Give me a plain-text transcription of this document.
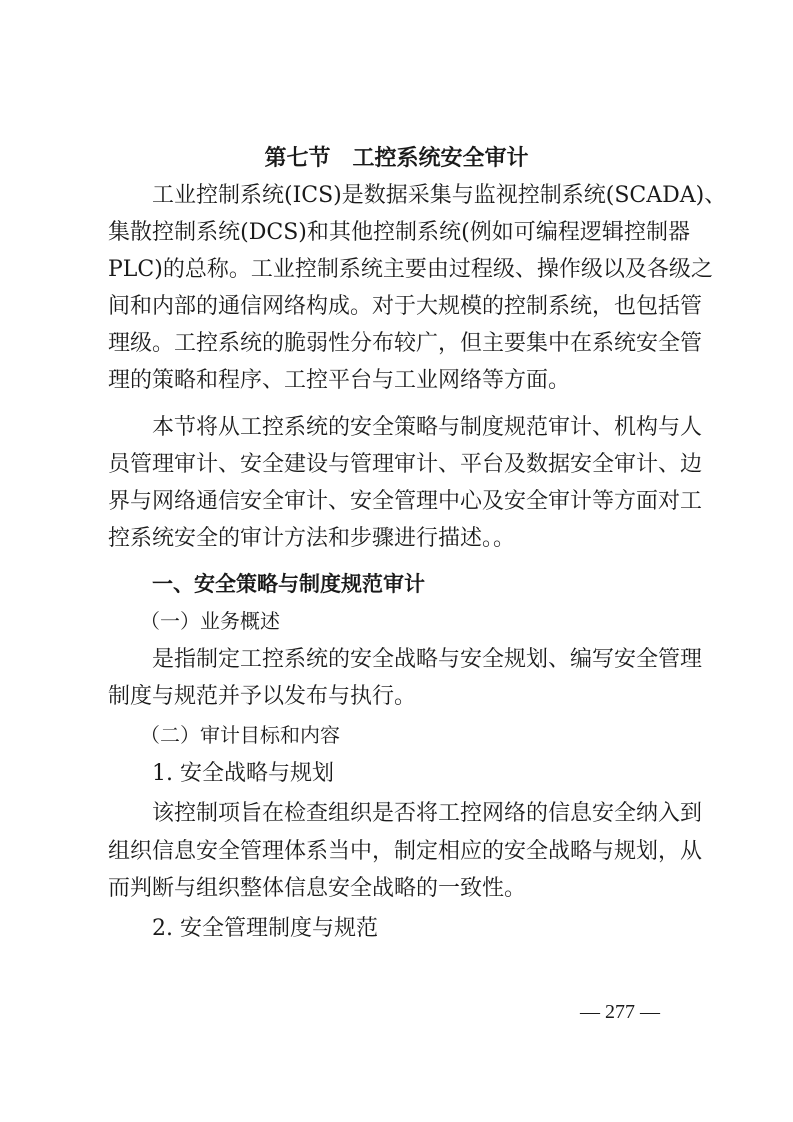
第七节　工控系统安全审计
工业控制系统(ICS)是数据采集与监视控制系统(SCADA)、
集散控制系统(DCS)和其他控制系统(例如可编程逻辑控制器
PLC)的总称。工业控制系统主要由过程级、操作级以及各级之
间和内部的通信网络构成。对于大规模的控制系统，也包括管
理级。工控系统的脆弱性分布较广，但主要集中在系统安全管
理的策略和程序、工控平台与工业网络等方面。
本节将从工控系统的安全策略与制度规范审计、机构与人
员管理审计、安全建设与管理审计、平台及数据安全审计、边
界与网络通信安全审计、安全管理中心及安全审计等方面对工
控系统安全的审计方法和步骤进行描述。。
一、安全策略与制度规范审计
（一）业务概述
是指制定工控系统的安全战略与安全规划、编写安全管理
制度与规范并予以发布与执行。
（二）审计目标和内容
1. 安全战略与规划
该控制项旨在检查组织是否将工控网络的信息安全纳入到
组织信息安全管理体系当中，制定相应的安全战略与规划，从
而判断与组织整体信息安全战略的一致性。
2. 安全管理制度与规范
— 277 —
